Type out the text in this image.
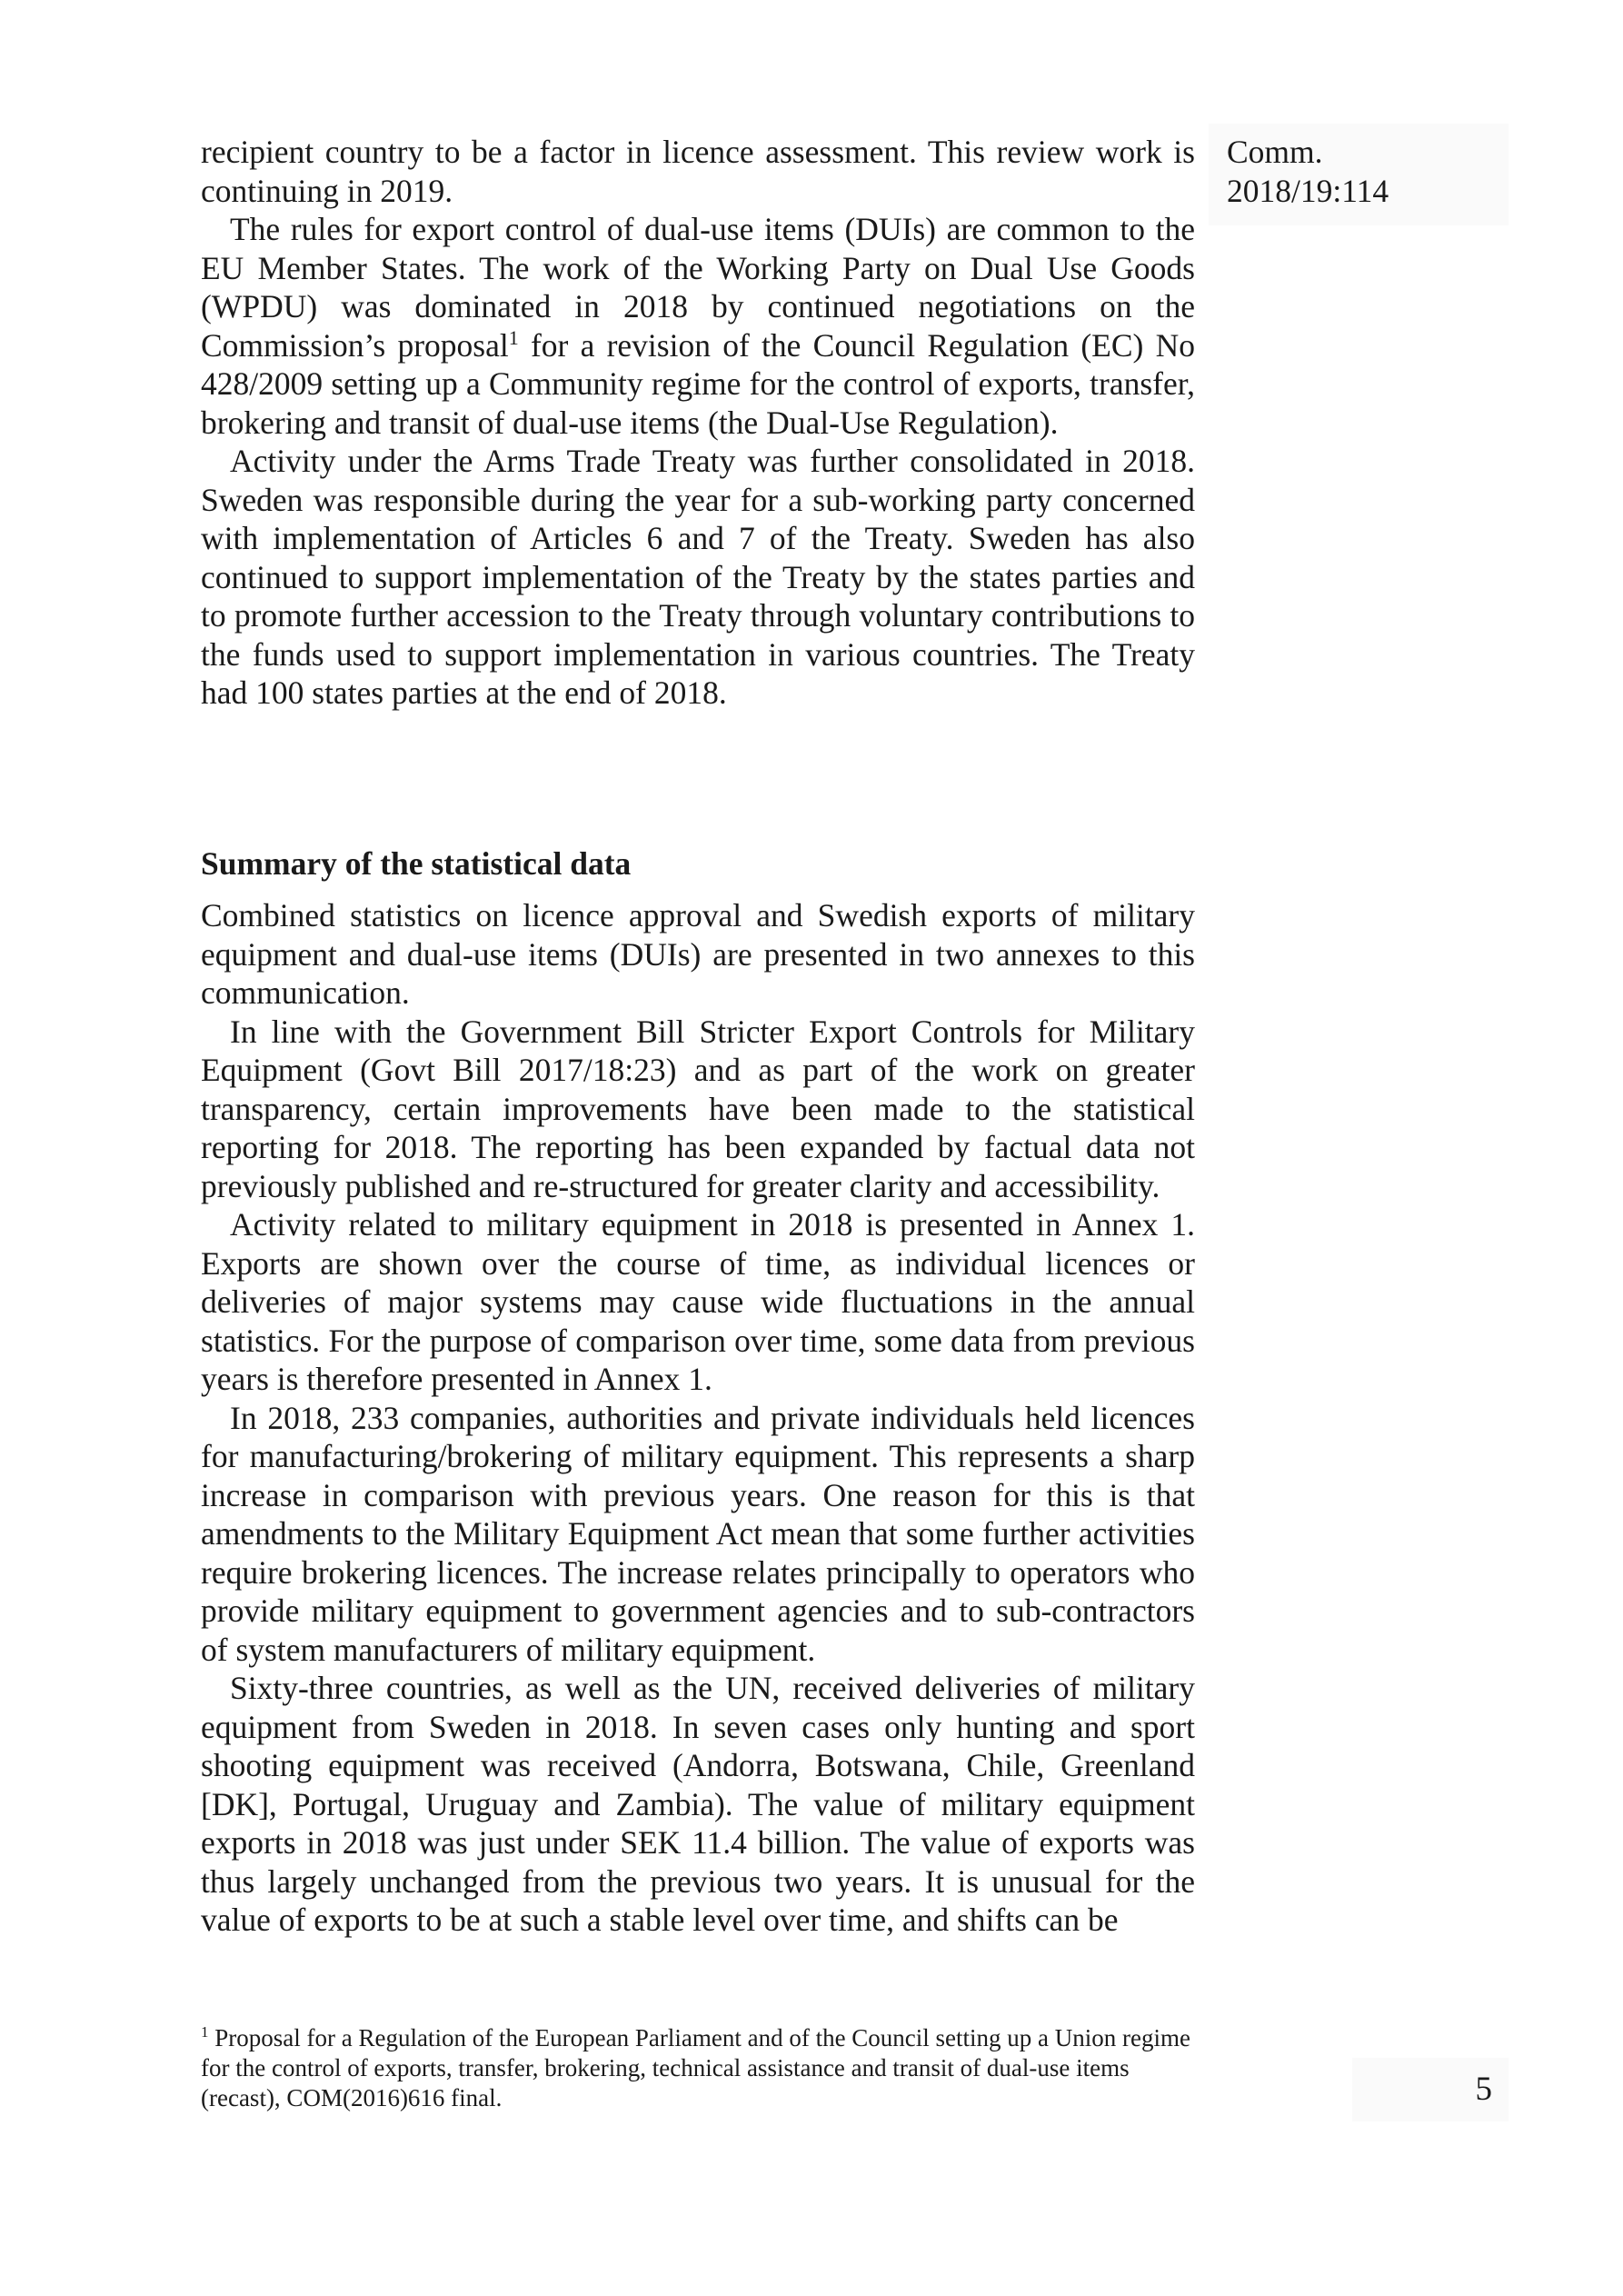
Comm.
2018/19:114

recipient country to be a factor in licence assessment. This review work is continuing in 2019.

The rules for export control of dual-use items (DUIs) are common to the EU Member States. The work of the Working Party on Dual Use Goods (WPDU) was dominated in 2018 by continued negotiations on the Commission’s proposal$^1$ for a revision of the Council Regulation (EC) No 428/2009 setting up a Community regime for the control of exports, transfer, brokering and transit of dual-use items (the Dual-Use Regulation).

Activity under the Arms Trade Treaty was further consolidated in 2018. Sweden was responsible during the year for a sub-working party concerned with implementation of Articles 6 and 7 of the Treaty. Sweden has also continued to support implementation of the Treaty by the states parties and to promote further accession to the Treaty through voluntary contributions to the funds used to support implementation in various countries. The Treaty had 100 states parties at the end of 2018.

Summary of the statistical data

Combined statistics on licence approval and Swedish exports of military equipment and dual-use items (DUIs) are presented in two annexes to this communication.

In line with the Government Bill Stricter Export Controls for Military Equipment (Govt Bill 2017/18:23) and as part of the work on greater transparency, certain improvements have been made to the statistical reporting for 2018. The reporting has been expanded by factual data not previously published and re-structured for greater clarity and accessibility.

Activity related to military equipment in 2018 is presented in Annex 1. Exports are shown over the course of time, as individual licences or deliveries of major systems may cause wide fluctuations in the annual statistics. For the purpose of comparison over time, some data from previous years is therefore presented in Annex 1.

In 2018, 233 companies, authorities and private individuals held licences for manufacturing/brokering of military equipment. This represents a sharp increase in comparison with previous years. One reason for this is that amendments to the Military Equipment Act mean that some further activities require brokering licences. The increase relates principally to operators who provide military equipment to government agencies and to sub-contractors of system manufacturers of military equipment.

Sixty-three countries, as well as the UN, received deliveries of military equipment from Sweden in 2018. In seven cases only hunting and sport shooting equipment was received (Andorra, Botswana, Chile, Greenland [DK], Portugal, Uruguay and Zambia). The value of military equipment exports in 2018 was just under SEK 11.4 billion. The value of exports was thus largely unchanged from the previous two years. It is unusual for the value of exports to be at such a stable level over time, and shifts can be

$^1$ Proposal for a Regulation of the European Parliament and of the Council setting up a Union regime for the control of exports, transfer, brokering, technical assistance and transit of dual-use items (recast), COM(2016)616 final.	5
